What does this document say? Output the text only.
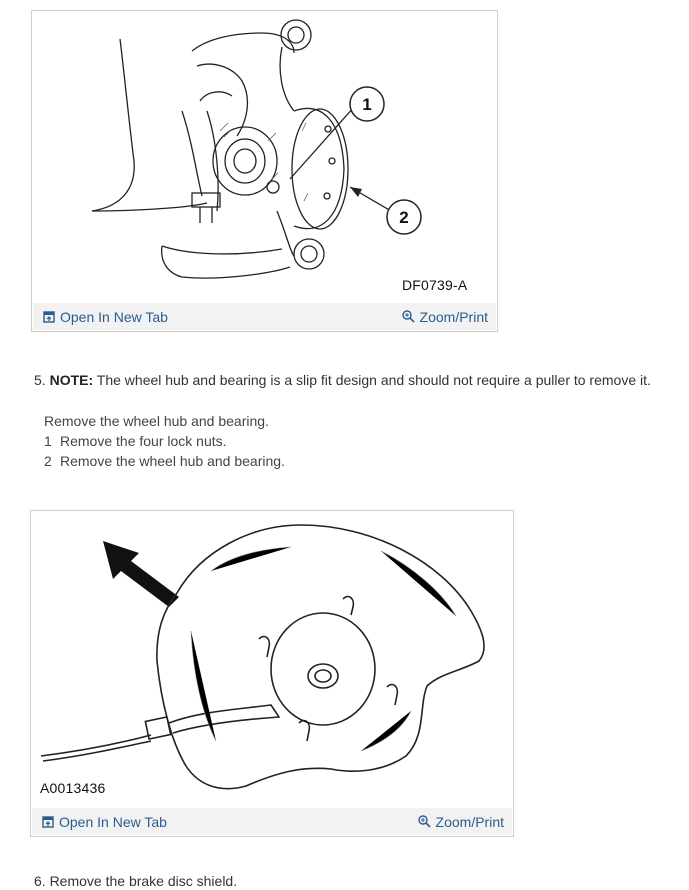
1
2
DF0739-A
Open In New Tab	Zoom/Print
5. NOTE: The wheel hub and bearing is a slip fit design and should not require a puller to remove it.
Remove the wheel hub and bearing.
1 Remove the four lock nuts.
2 Remove the wheel hub and bearing.
A0013436
Open In New Tab	Zoom/Print
6. Remove the brake disc shield.
